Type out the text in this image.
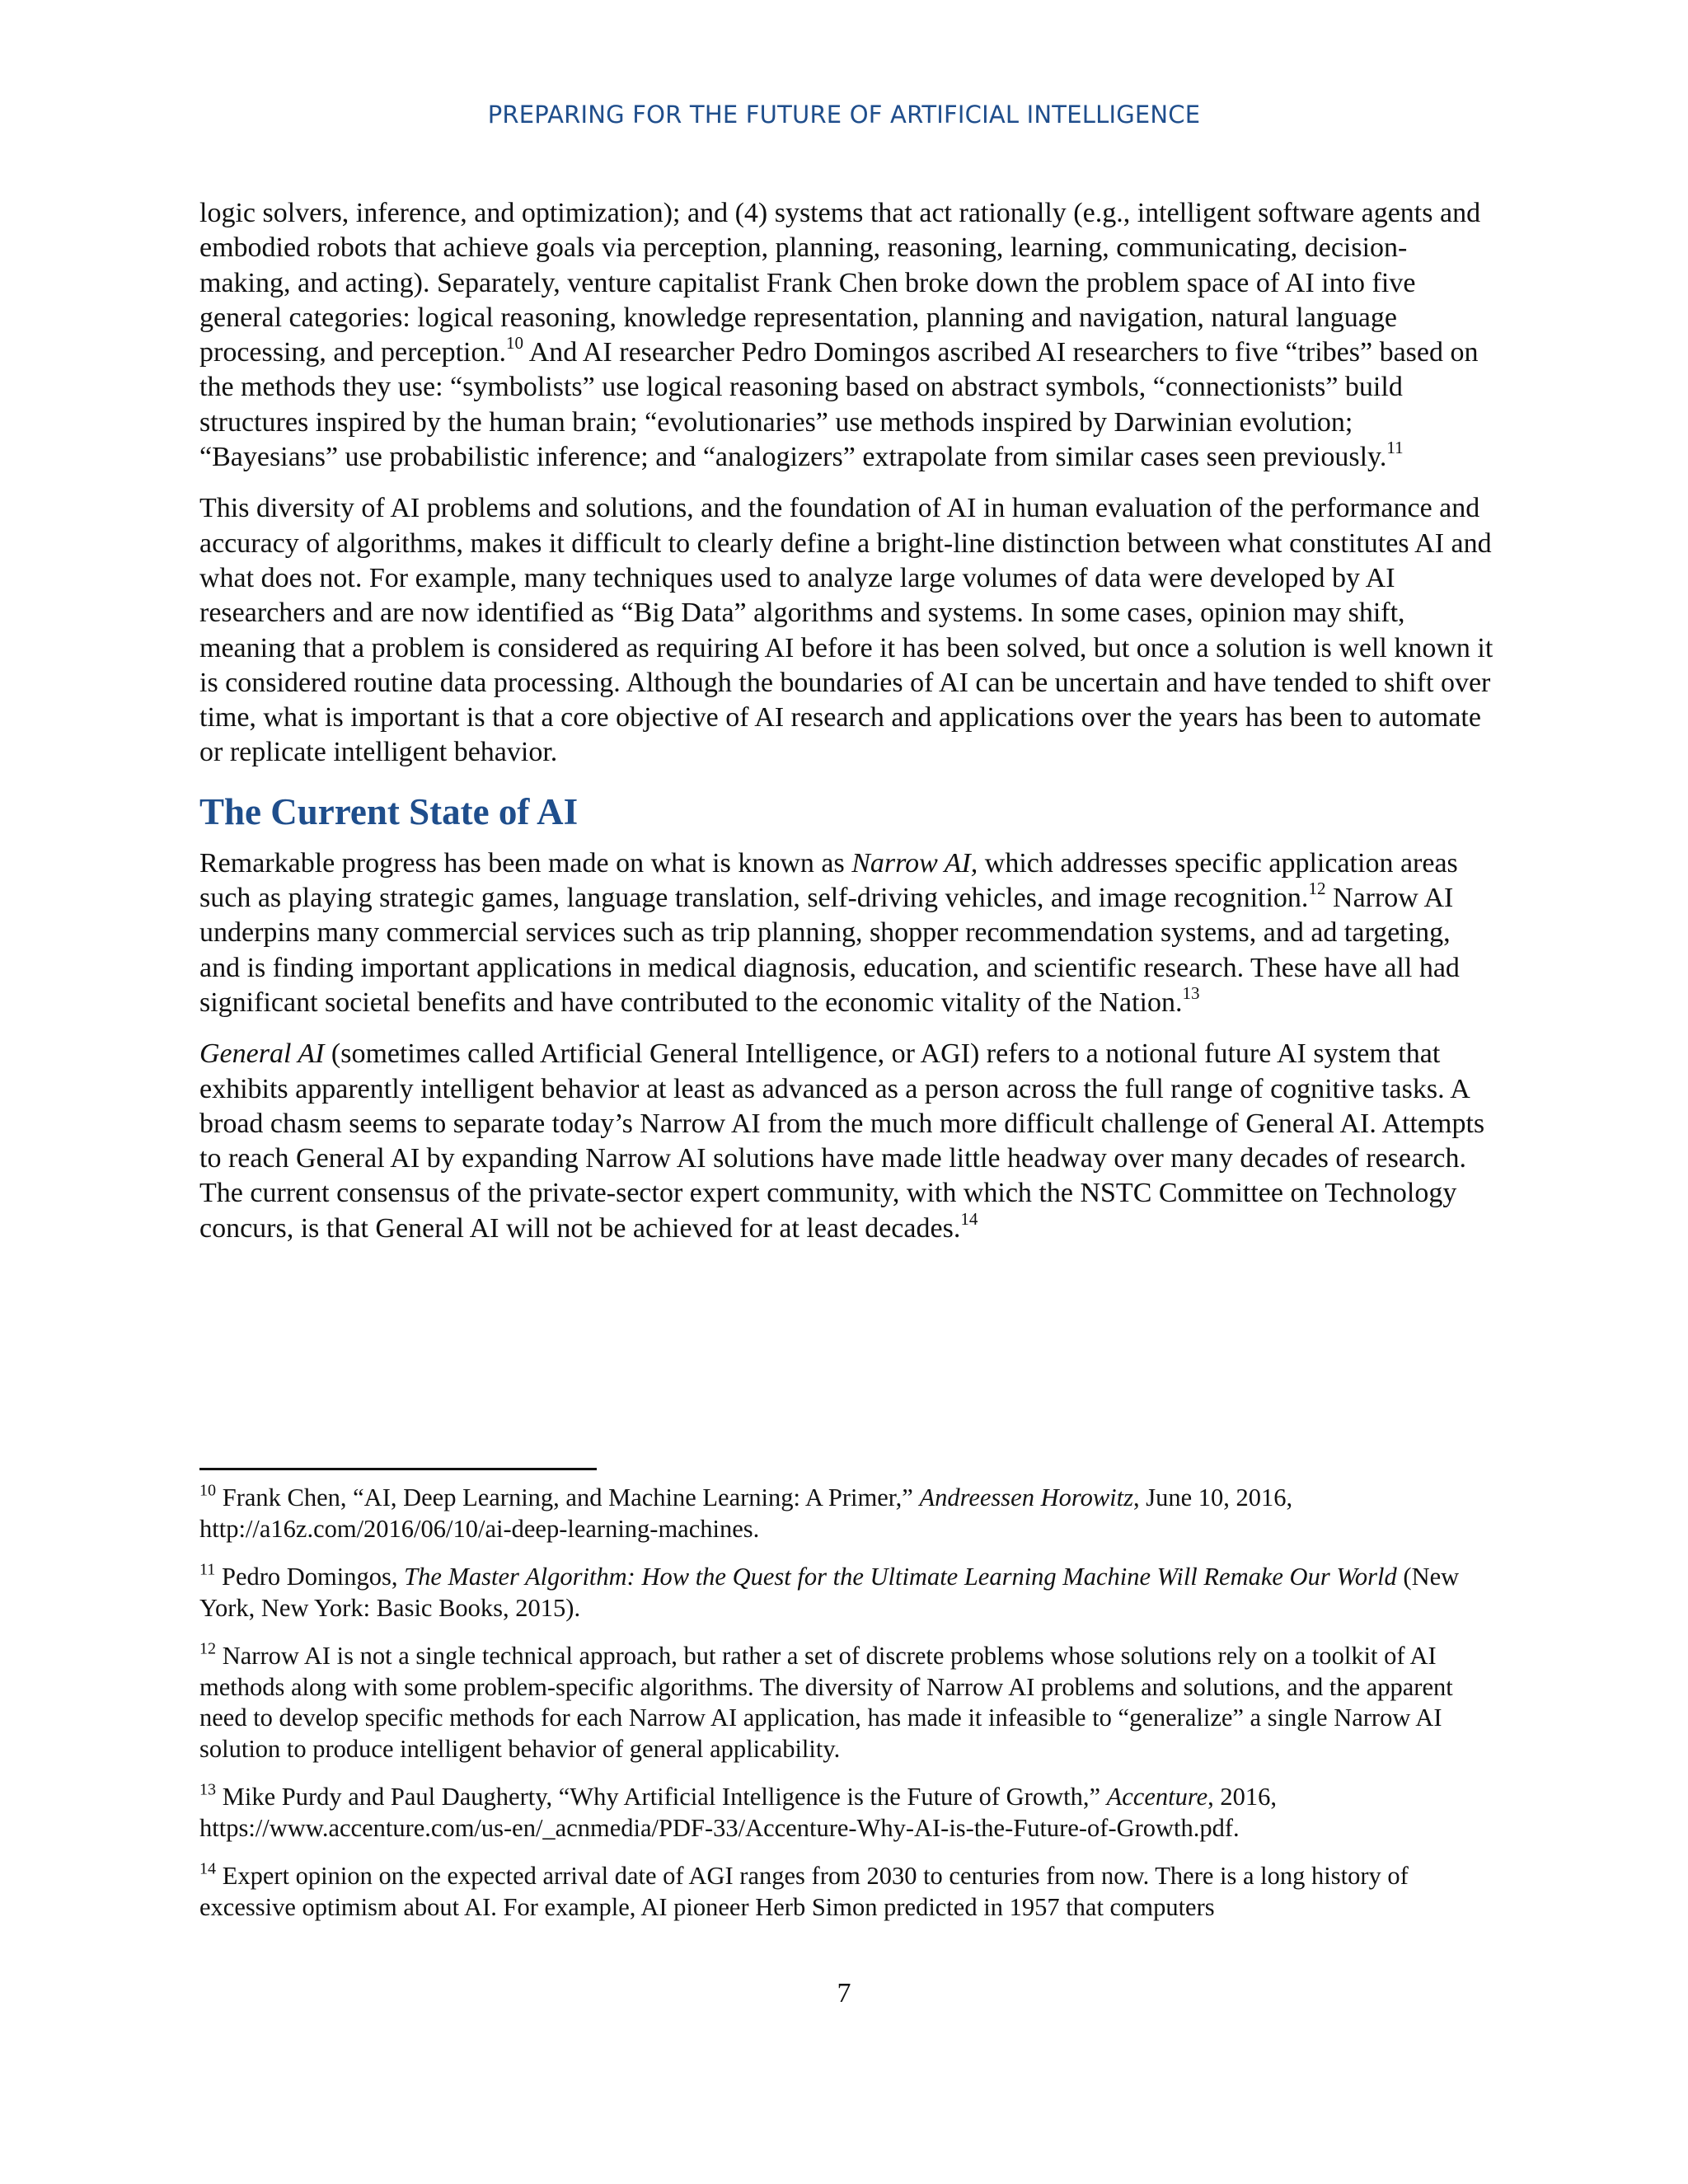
PREPARING FOR THE FUTURE OF ARTIFICIAL INTELLIGENCE

logic solvers, inference, and optimization); and (4) systems that act rationally (e.g., intelligent software agents and embodied robots that achieve goals via perception, planning, reasoning, learning, communicating, decision-making, and acting). Separately, venture capitalist Frank Chen broke down the problem space of AI into five general categories: logical reasoning, knowledge representation, planning and navigation, natural language processing, and perception.$^{10}$ And AI researcher Pedro Domingos ascribed AI researchers to five “tribes” based on the methods they use: “symbolists” use logical reasoning based on abstract symbols, “connectionists” build structures inspired by the human brain; “evolutionaries” use methods inspired by Darwinian evolution; “Bayesians” use probabilistic inference; and “analogizers” extrapolate from similar cases seen previously.$^{11}$

This diversity of AI problems and solutions, and the foundation of AI in human evaluation of the performance and accuracy of algorithms, makes it difficult to clearly define a bright-line distinction between what constitutes AI and what does not. For example, many techniques used to analyze large volumes of data were developed by AI researchers and are now identified as “Big Data” algorithms and systems. In some cases, opinion may shift, meaning that a problem is considered as requiring AI before it has been solved, but once a solution is well known it is considered routine data processing. Although the boundaries of AI can be uncertain and have tended to shift over time, what is important is that a core objective of AI research and applications over the years has been to automate or replicate intelligent behavior.

The Current State of AI

Remarkable progress has been made on what is known as Narrow AI, which addresses specific application areas such as playing strategic games, language translation, self-driving vehicles, and image recognition.$^{12}$ Narrow AI underpins many commercial services such as trip planning, shopper recommendation systems, and ad targeting, and is finding important applications in medical diagnosis, education, and scientific research. These have all had significant societal benefits and have contributed to the economic vitality of the Nation.$^{13}$

General AI (sometimes called Artificial General Intelligence, or AGI) refers to a notional future AI system that exhibits apparently intelligent behavior at least as advanced as a person across the full range of cognitive tasks. A broad chasm seems to separate today’s Narrow AI from the much more difficult challenge of General AI. Attempts to reach General AI by expanding Narrow AI solutions have made little headway over many decades of research. The current consensus of the private-sector expert community, with which the NSTC Committee on Technology concurs, is that General AI will not be achieved for at least decades.$^{14}$

$^{10}$ Frank Chen, “AI, Deep Learning, and Machine Learning: A Primer,” Andreessen Horowitz, June 10, 2016, http://a16z.com/2016/06/10/ai-deep-learning-machines.
$^{11}$ Pedro Domingos, The Master Algorithm: How the Quest for the Ultimate Learning Machine Will Remake Our World (New York, New York: Basic Books, 2015).
$^{12}$ Narrow AI is not a single technical approach, but rather a set of discrete problems whose solutions rely on a toolkit of AI methods along with some problem-specific algorithms. The diversity of Narrow AI problems and solutions, and the apparent need to develop specific methods for each Narrow AI application, has made it infeasible to “generalize” a single Narrow AI solution to produce intelligent behavior of general applicability.
$^{13}$ Mike Purdy and Paul Daugherty, “Why Artificial Intelligence is the Future of Growth,” Accenture, 2016, https://www.accenture.com/us-en/_acnmedia/PDF-33/Accenture-Why-AI-is-the-Future-of-Growth.pdf.
$^{14}$ Expert opinion on the expected arrival date of AGI ranges from 2030 to centuries from now. There is a long history of excessive optimism about AI. For example, AI pioneer Herb Simon predicted in 1957 that computers
7
